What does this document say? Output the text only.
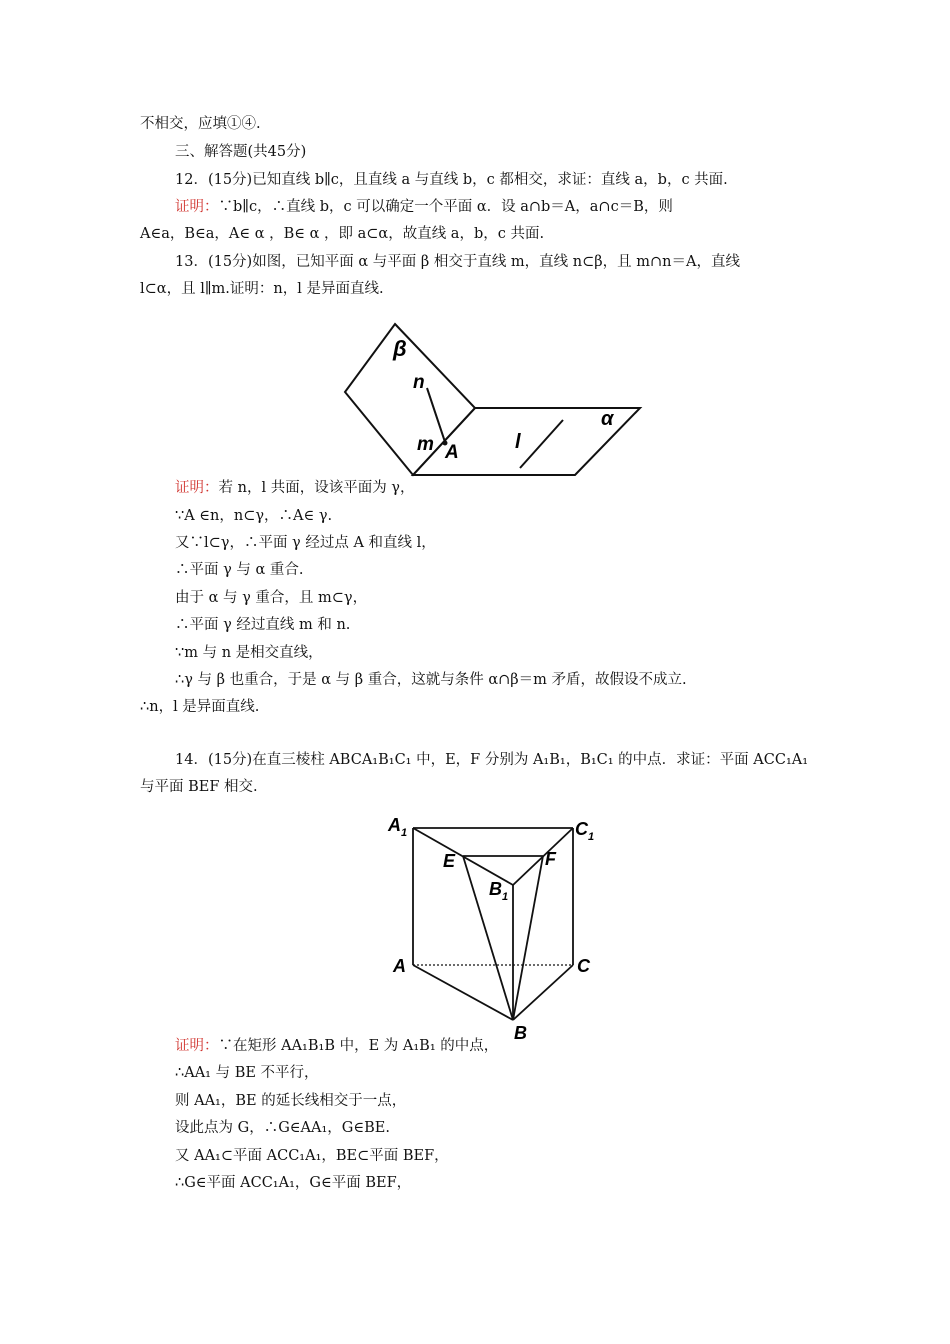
不相交，应填①④.
三、解答题(共45分)
12．(15分)已知直线 b∥c，且直线 a 与直线 b，c 都相交，求证：直线 a，b，c 共面.
证明：∵b∥c，∴直线 b，c 可以确定一个平面 α．设 a∩b＝A，a∩c＝B，则
A∈a，B∈a，A∈ α ，B∈ α ，即 a⊂α，故直线 a，b，c 共面.
13．(15分)如图，已知平面 α 与平面 β 相交于直线 m，直线 n⊂β，且 m∩n＝A，直线
l⊂α，且 l∥m.证明：n，l 是异面直线.
证明：若 n，l 共面，设该平面为 γ，
∵A ∈n，n⊂γ，∴A∈ γ.
又∵l⊂γ，∴平面 γ 经过点 A 和直线 l，
∴平面 γ 与 α 重合.
由于 α 与 γ 重合，且 m⊂γ，
∴平面 γ 经过直线 m 和 n.
∵m 与 n 是相交直线，
∴γ 与 β 也重合，于是 α 与 β 重合，这就与条件 α∩β＝m 矛盾，故假设不成立.
∴n，l 是异面直线.
14．(15分)在直三棱柱 ABCA₁B₁C₁ 中，E，F 分别为 A₁B₁，B₁C₁ 的中点．求证：平面 ACC₁A₁
与平面 BEF 相交.
证明：∵在矩形 AA₁B₁B 中，E 为 A₁B₁ 的中点，
∴AA₁ 与 BE 不平行，
则 AA₁，BE 的延长线相交于一点，
设此点为 G，∴G∈AA₁，G∈BE.
又 AA₁⊂平面 ACC₁A₁，BE⊂平面 BEF，
∴G∈平面 ACC₁A₁，G∈平面 BEF，
β
n
m A	l
α
$A_1$	$C_1$
E	F
$B_1$
A	C
B
